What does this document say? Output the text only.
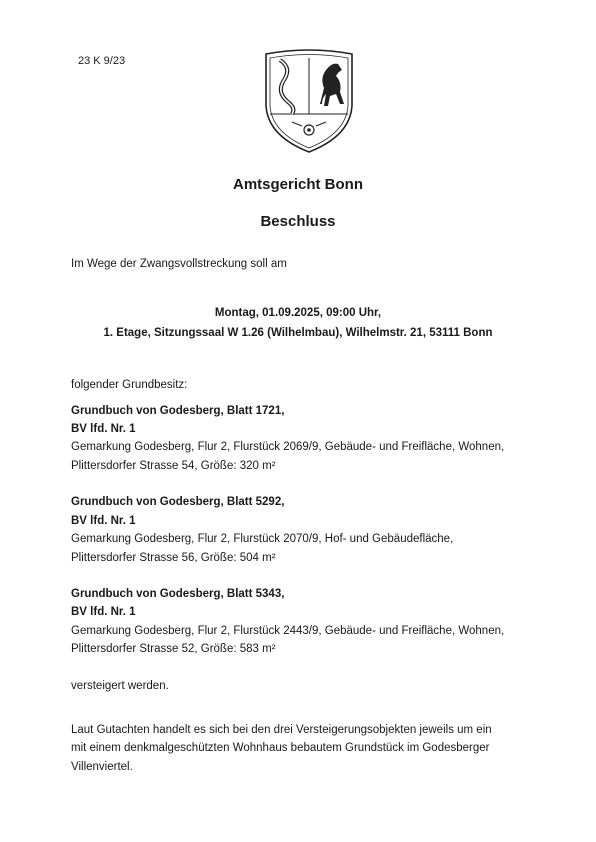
23 K 9/23
Amtsgericht Bonn
Beschluss
Im Wege der Zwangsvollstreckung soll am
Montag, 01.09.2025, 09:00 Uhr,
1. Etage, Sitzungssaal W 1.26 (Wilhelmbau), Wilhelmstr. 21, 53111 Bonn
folgender Grundbesitz:
Grundbuch von Godesberg, Blatt 1721,
BV lfd. Nr. 1
Gemarkung Godesberg, Flur 2, Flurstück 2069/9, Gebäude- und Freifläche, Wohnen,
Plittersdorfer Strasse 54, Größe: 320 m²
Grundbuch von Godesberg, Blatt 5292,
BV lfd. Nr. 1
Gemarkung Godesberg, Flur 2, Flurstück 2070/9, Hof- und Gebäudefläche,
Plittersdorfer Strasse 56, Größe: 504 m²
Grundbuch von Godesberg, Blatt 5343,
BV lfd. Nr. 1
Gemarkung Godesberg, Flur 2, Flurstück 2443/9, Gebäude- und Freifläche, Wohnen,
Plittersdorfer Strasse 52, Größe: 583 m²
versteigert werden.
Laut Gutachten handelt es sich bei den drei Versteigerungsobjekten jeweils um ein
mit einem denkmalgeschützten Wohnhaus bebautem Grundstück im Godesberger
Villenviertel.
